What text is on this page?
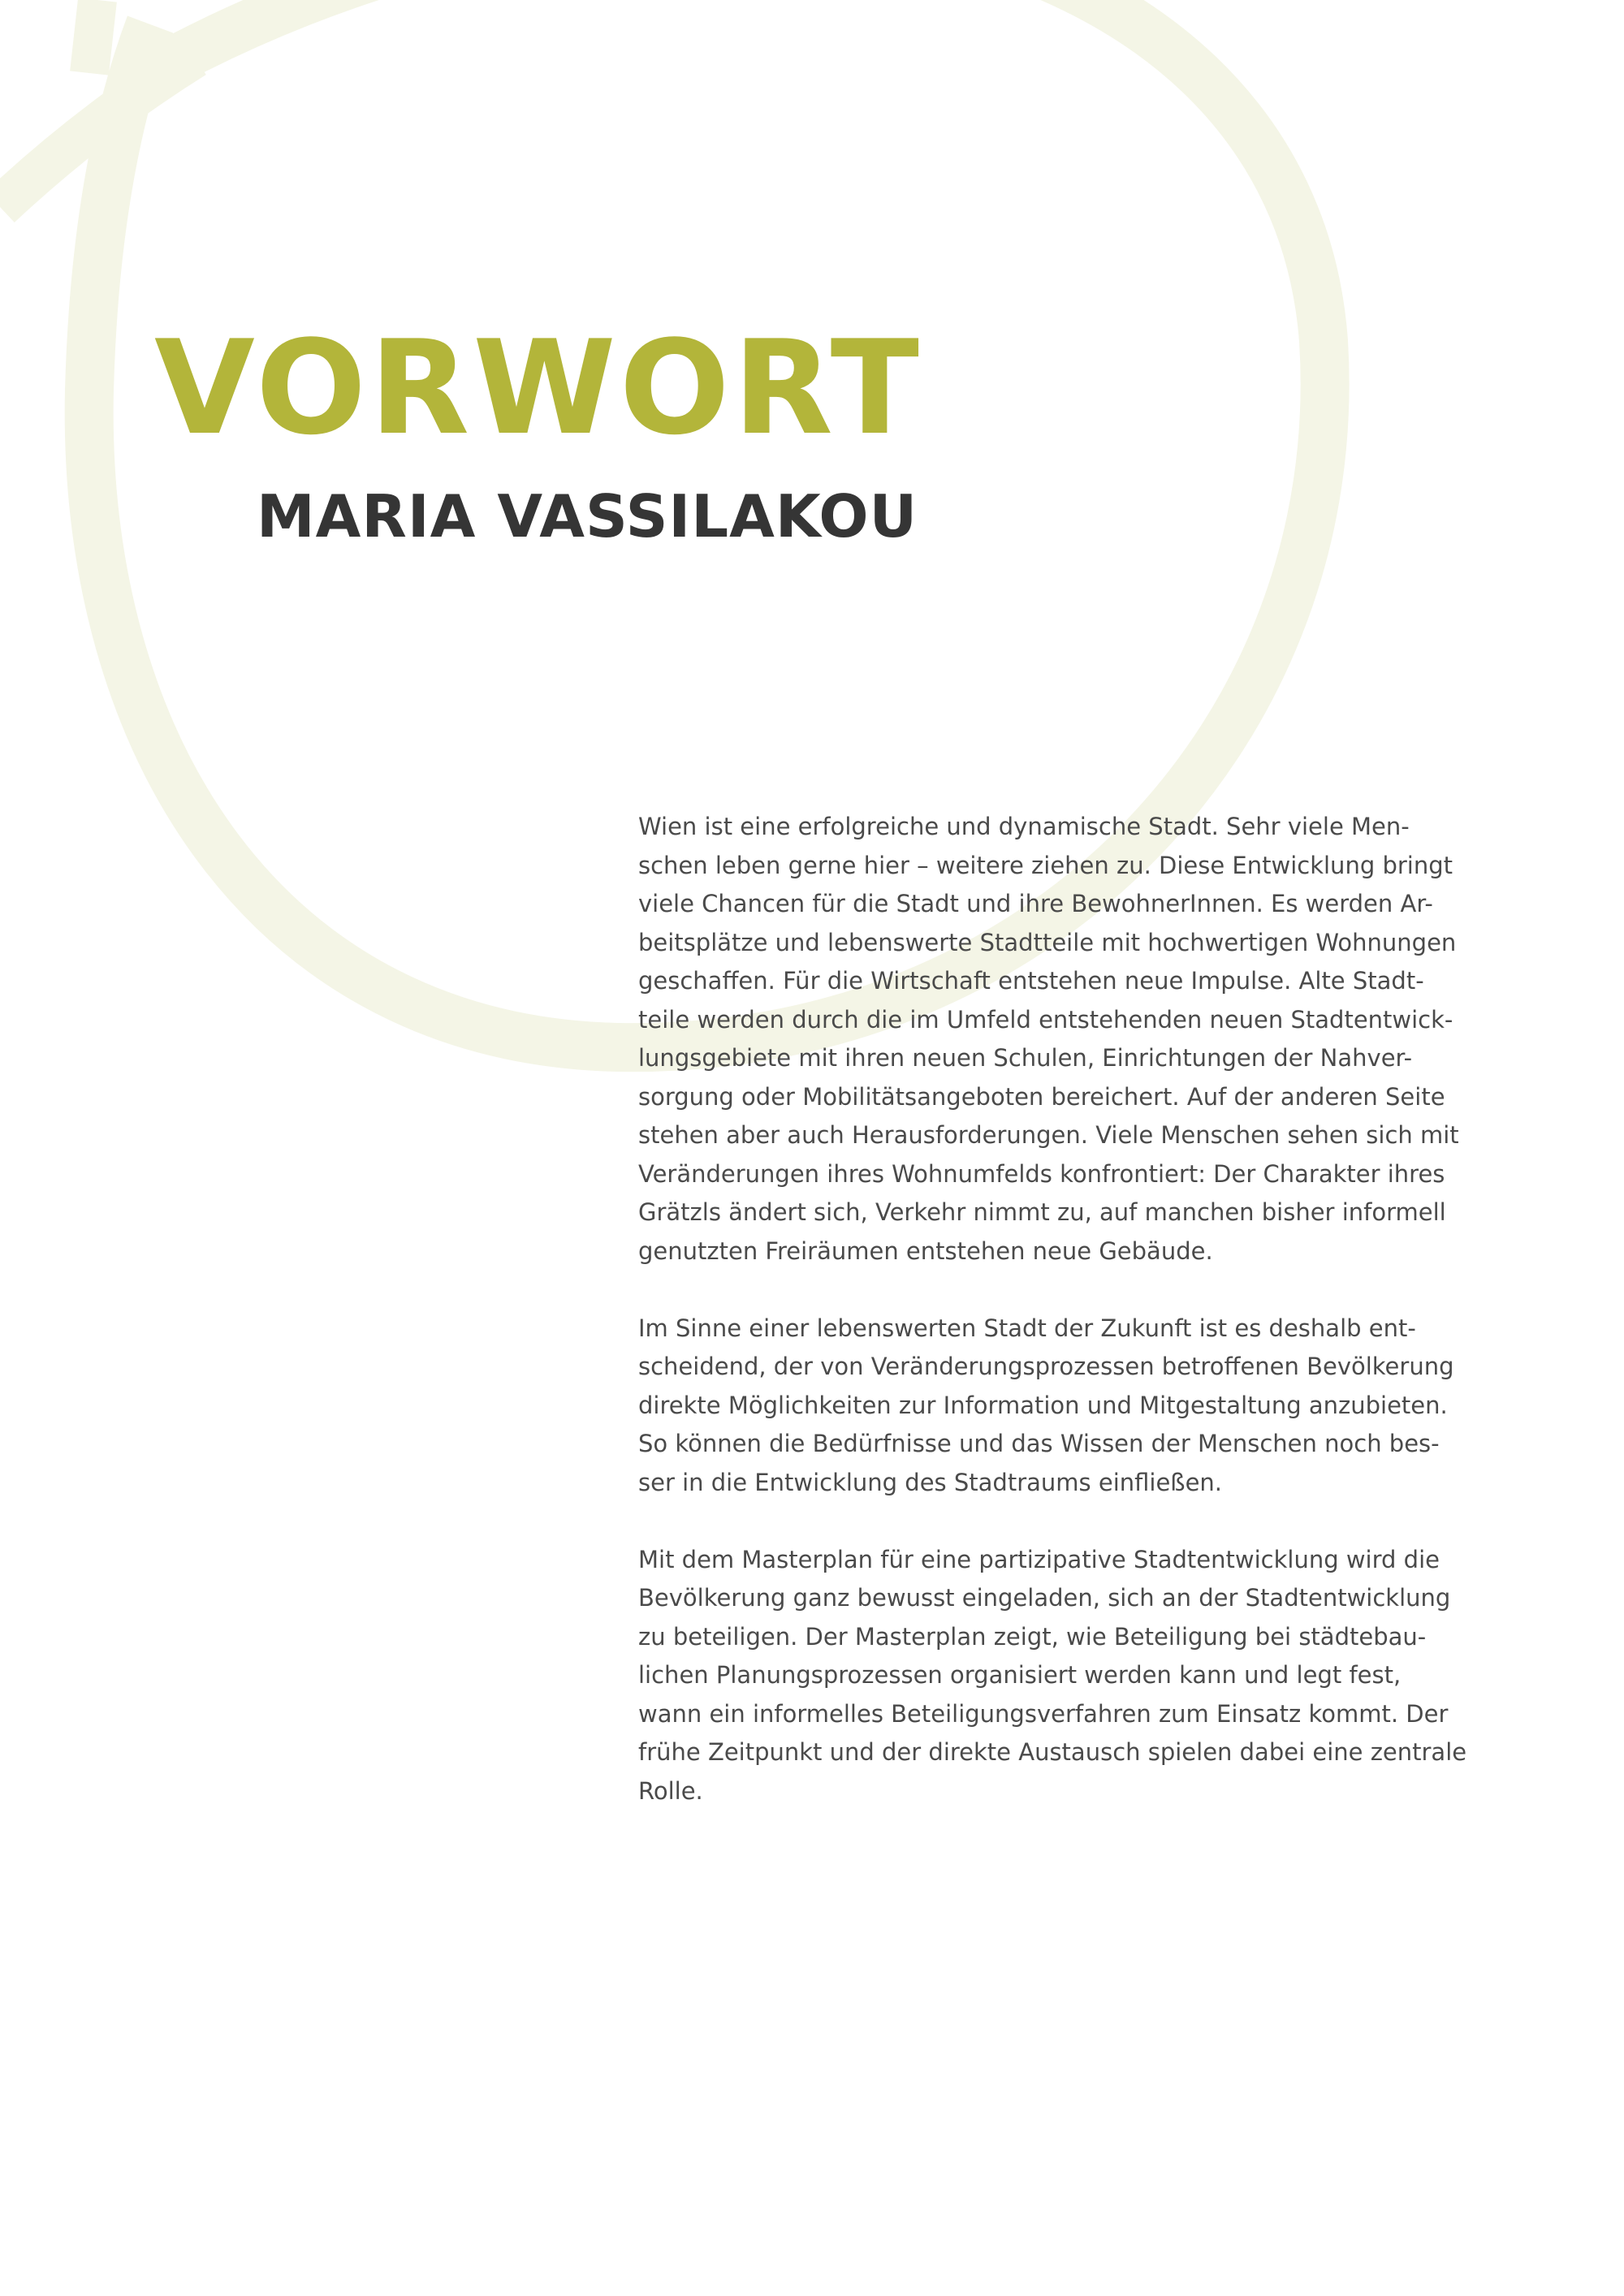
VORWORT
MARIA VASSILAKOU
Wien ist eine erfolgreiche und dynamische Stadt. Sehr viele Men-
schen leben gerne hier – weitere ziehen zu. Diese Entwicklung bringt
viele Chancen für die Stadt und ihre BewohnerInnen. Es werden Ar-
beitsplätze und lebenswerte Stadtteile mit hochwertigen Wohnungen
geschaffen. Für die Wirtschaft entstehen neue Impulse. Alte Stadt-
teile werden durch die im Umfeld entstehenden neuen Stadtentwick-
lungsgebiete mit ihren neuen Schulen, Einrichtungen der Nahver-
sorgung oder Mobilitätsangeboten bereichert. Auf der anderen Seite
stehen aber auch Herausforderungen. Viele Menschen sehen sich mit
Veränderungen ihres Wohnumfelds konfrontiert: Der Charakter ihres
Grätzls ändert sich, Verkehr nimmt zu, auf manchen bisher informell
genutzten Freiräumen entstehen neue Gebäude.
Im Sinne einer lebenswerten Stadt der Zukunft ist es deshalb ent-
scheidend, der von Veränderungsprozessen betroffenen Bevölkerung
direkte Möglichkeiten zur Information und Mitgestaltung anzubieten.
So können die Bedürfnisse und das Wissen der Menschen noch bes-
ser in die Entwicklung des Stadtraums einfließen.
Mit dem Masterplan für eine partizipative Stadtentwicklung wird die
Bevölkerung ganz bewusst eingeladen, sich an der Stadtentwicklung
zu beteiligen. Der Masterplan zeigt, wie Beteiligung bei städtebau-
lichen Planungsprozessen organisiert werden kann und legt fest,
wann ein informelles Beteiligungsverfahren zum Einsatz kommt. Der
frühe Zeitpunkt und der direkte Austausch spielen dabei eine zentrale
Rolle.
